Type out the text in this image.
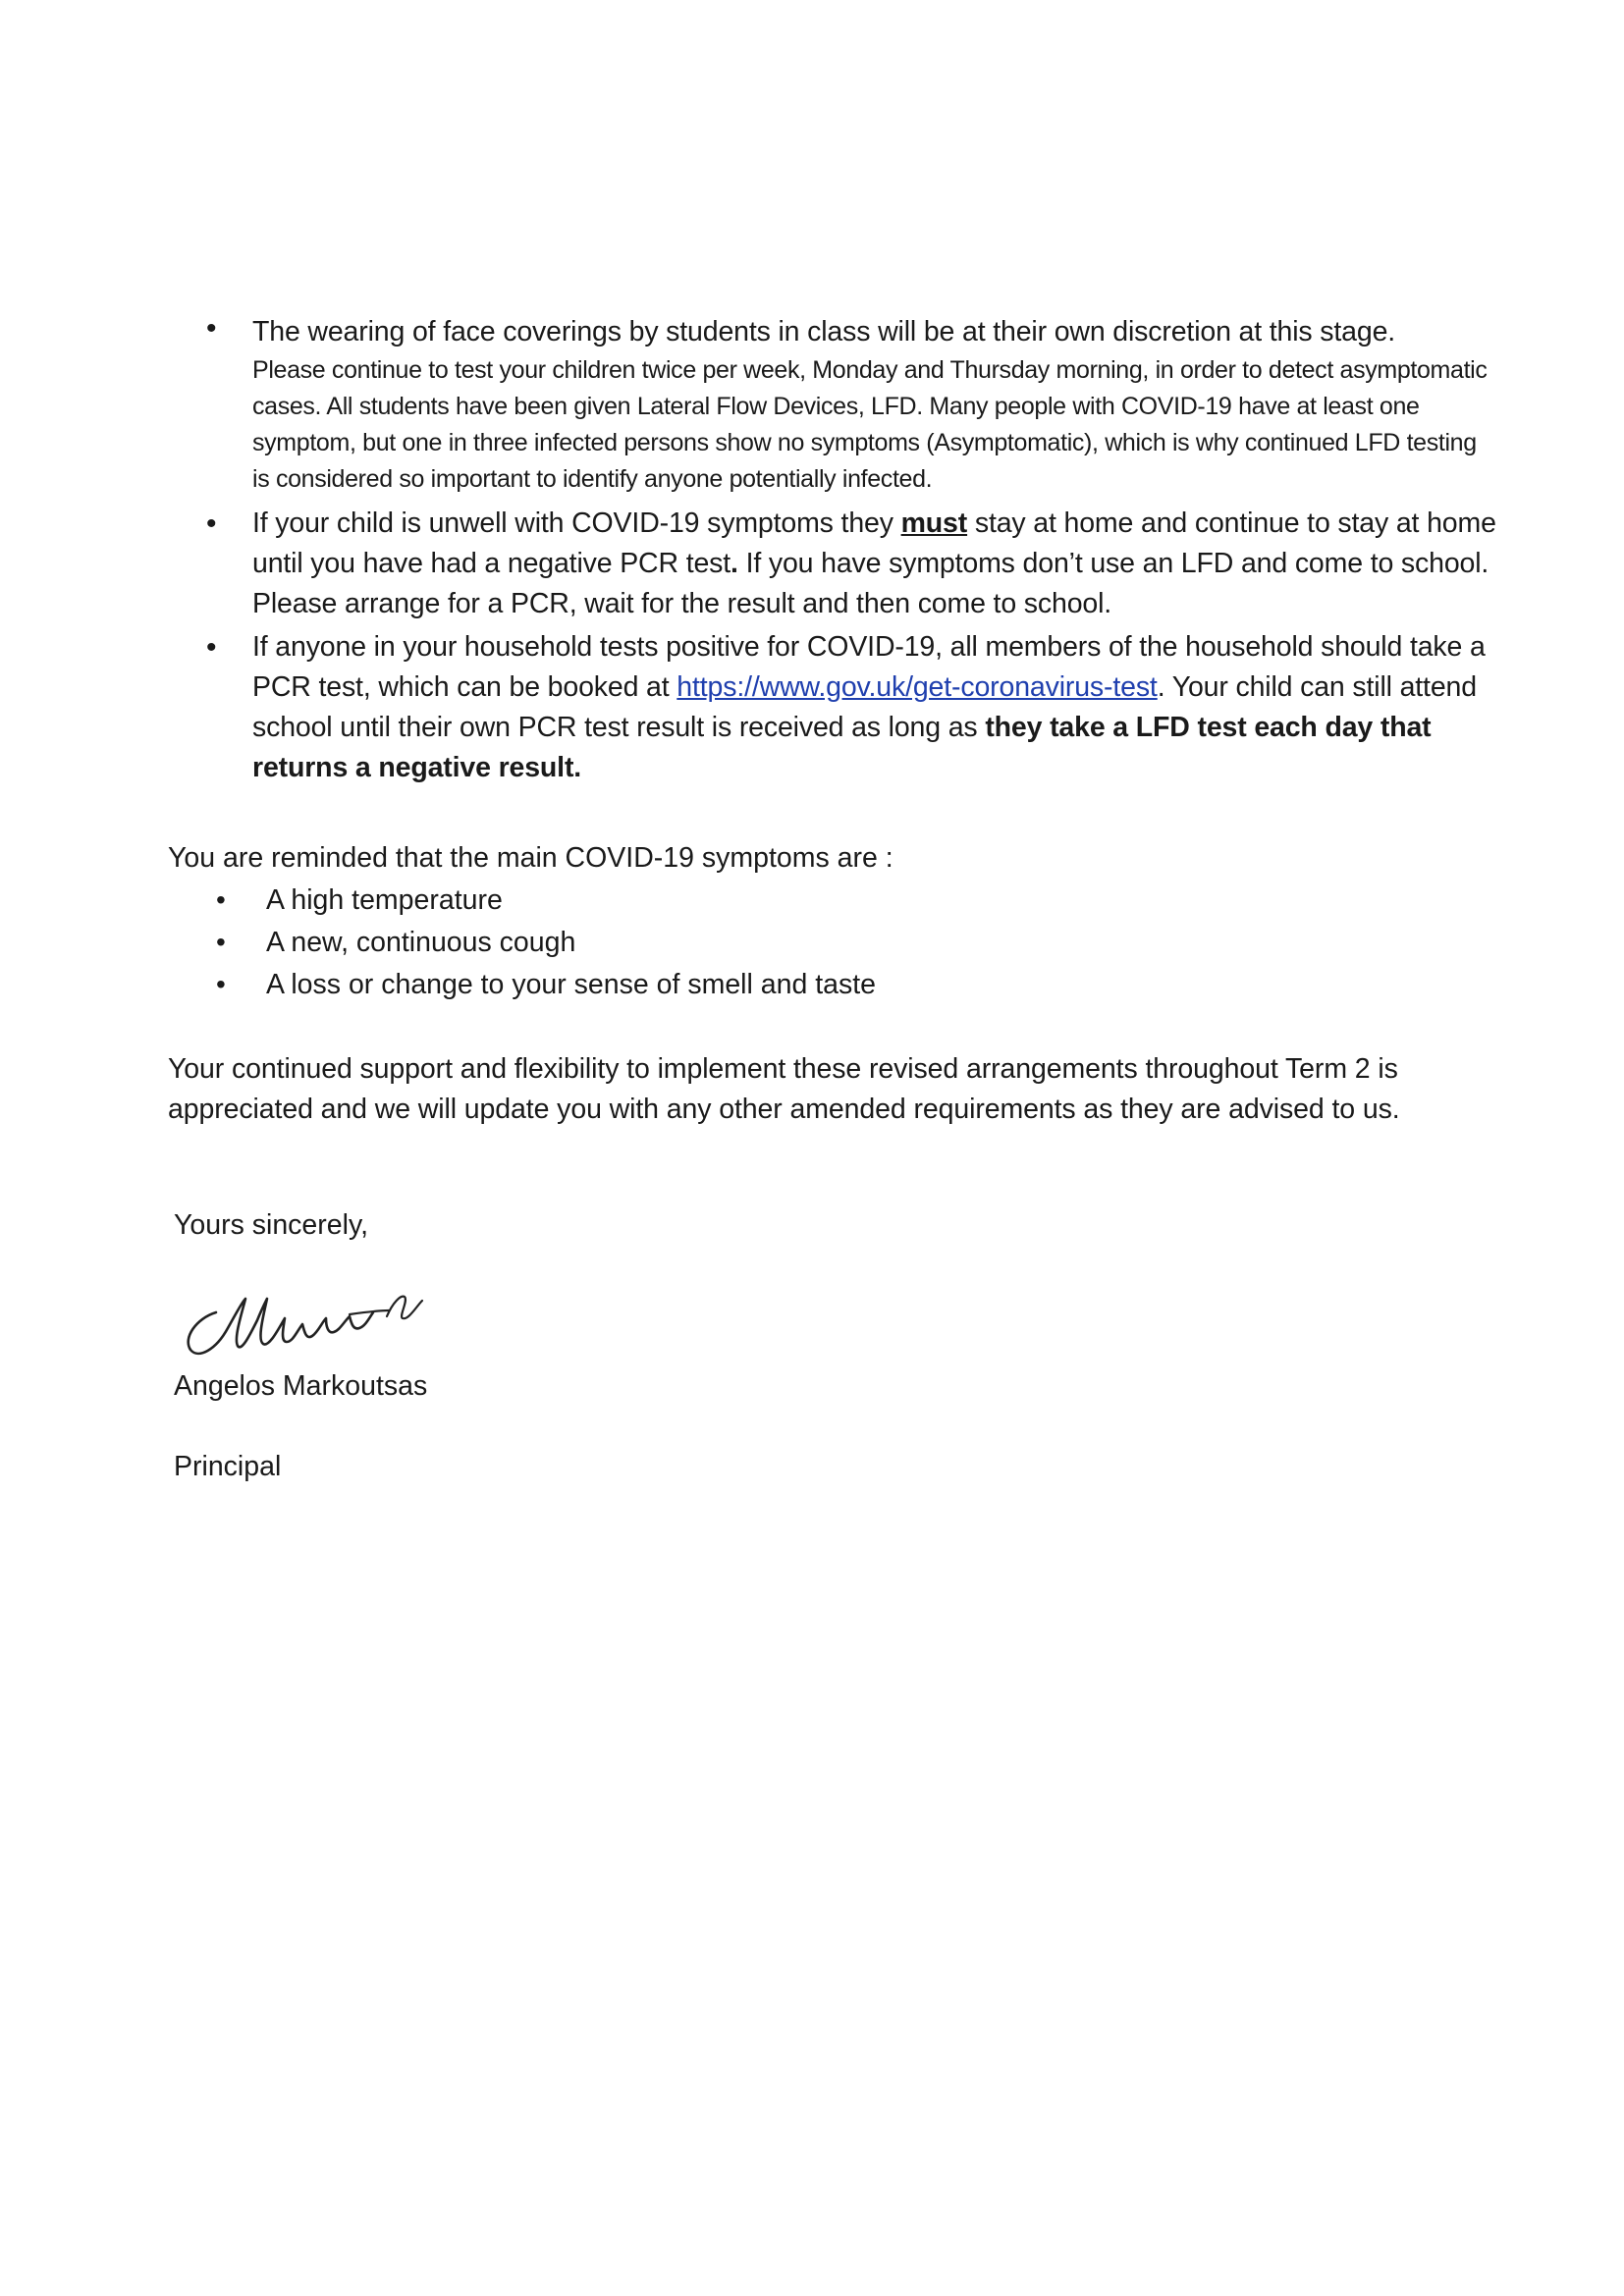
• The wearing of face coverings by students in class will be at their own discretion at this stage.
Please continue to test your children twice per week, Monday and Thursday morning, in order to detect asymptomatic cases. All students have been given Lateral Flow Devices, LFD. Many people with COVID-19 have at least one symptom, but one in three infected persons show no symptoms (Asymptomatic), which is why continued LFD testing is considered so important to identify anyone potentially infected.
• If your child is unwell with COVID-19 symptoms they must stay at home and continue to stay at home until you have had a negative PCR test. If you have symptoms don’t use an LFD and come to school. Please arrange for a PCR, wait for the result and then come to school.
• If anyone in your household tests positive for COVID-19, all members of the household should take a PCR test, which can be booked at https://www.gov.uk/get-coronavirus-test. Your child can still attend school until their own PCR test result is received as long as they take a LFD test each day that returns a negative result.
You are reminded that the main COVID-19 symptoms are :
• A high temperature
• A new, continuous cough
• A loss or change to your sense of smell and taste
Your continued support and flexibility to implement these revised arrangements throughout Term 2 is appreciated and we will update you with any other amended requirements as they are advised to us.
Yours sincerely,
Angelos Markoutsas
Principal
